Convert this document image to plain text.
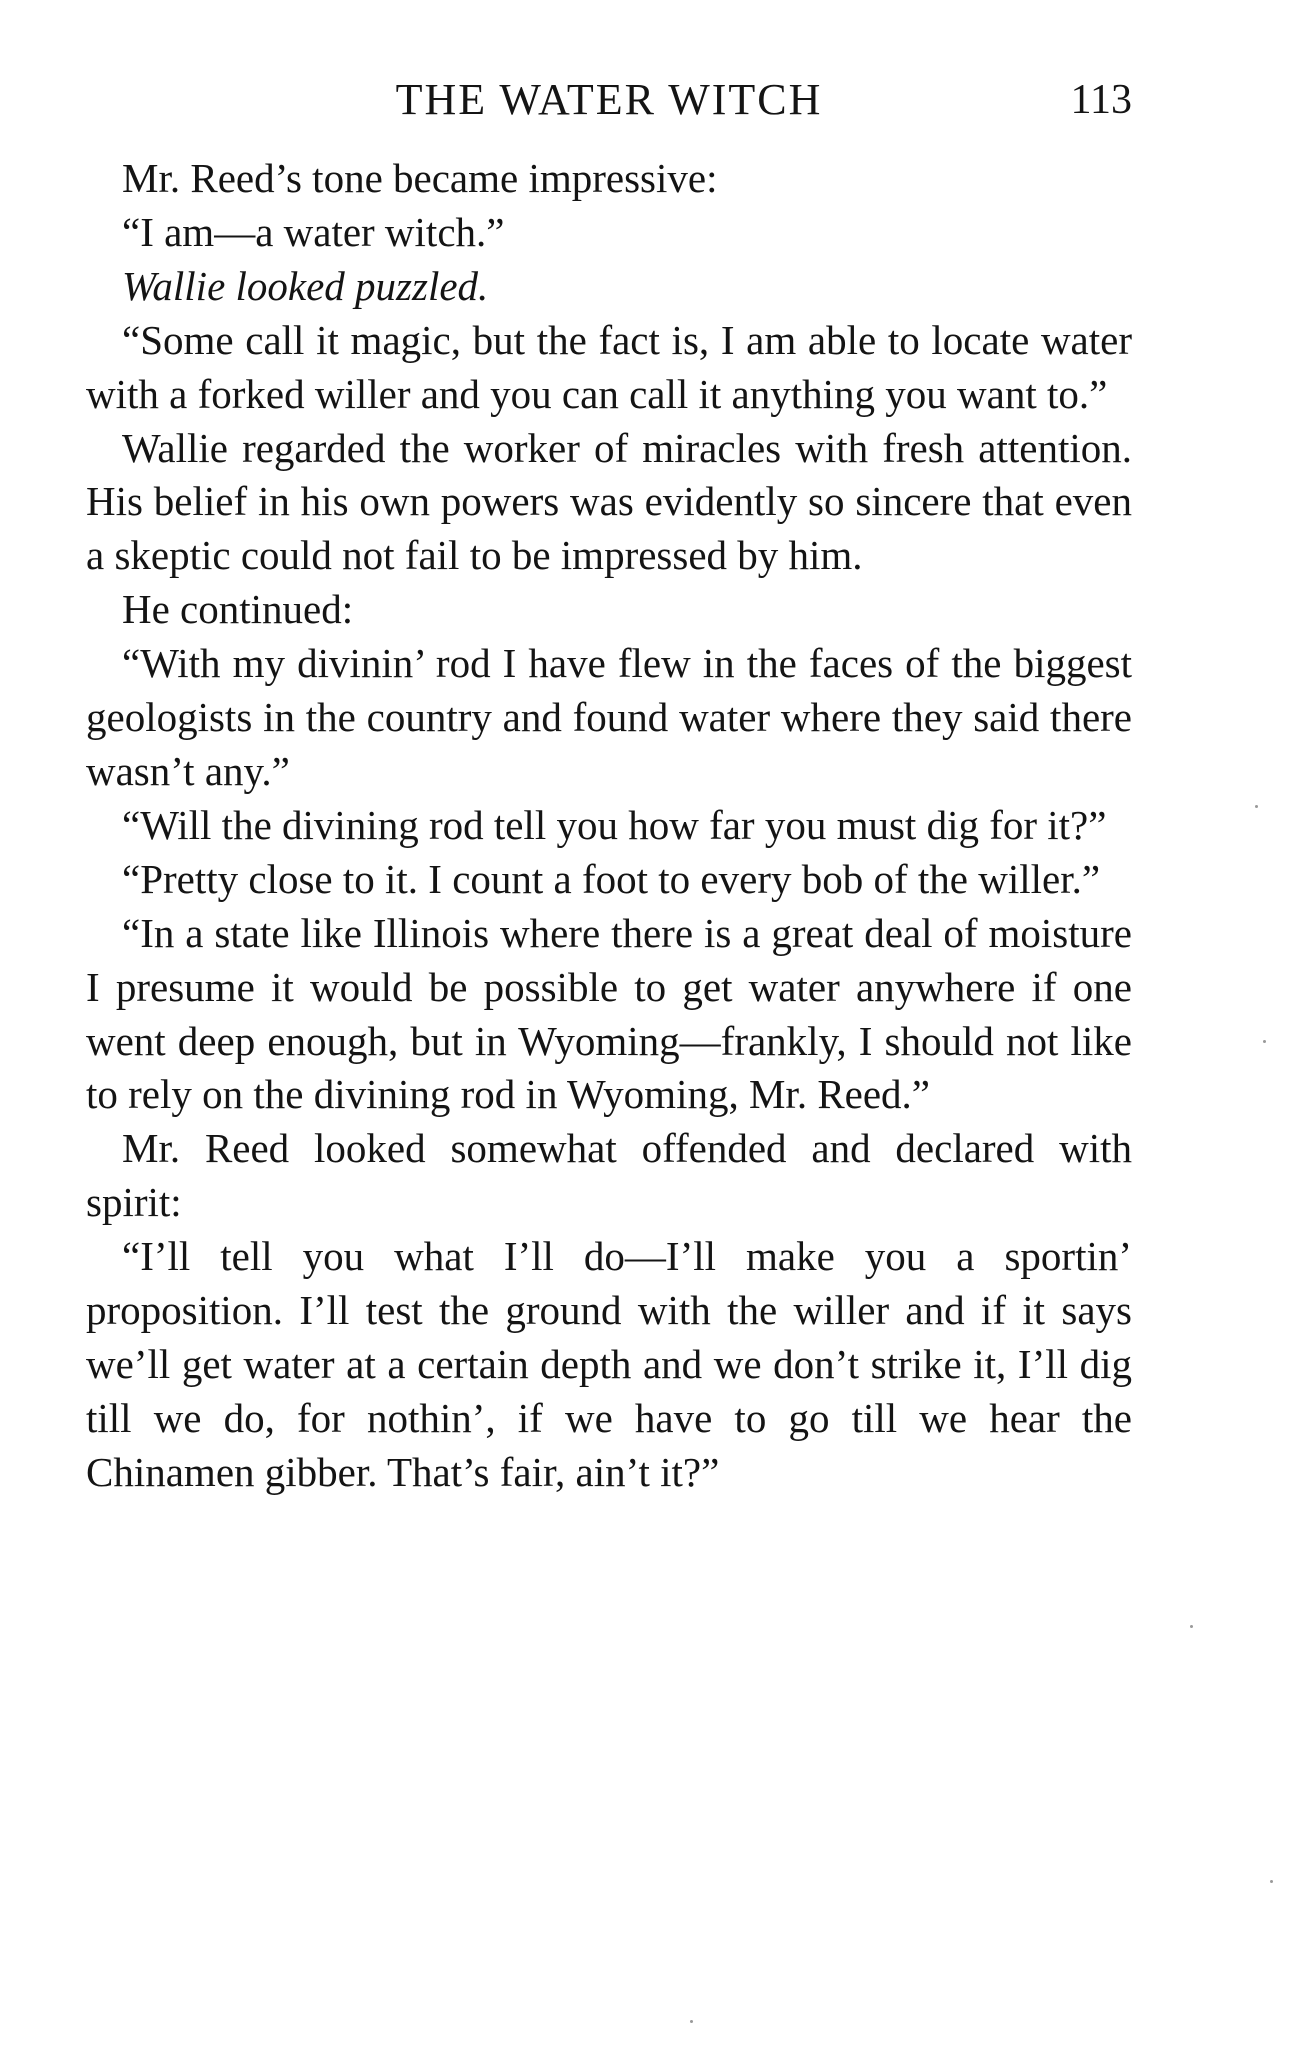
THE WATER WITCH	113

Mr. Reed’s tone became impressive:

“I am—a water witch.”

Wallie looked puzzled.

“Some call it magic, but the fact is, I am able to locate water with a forked willer and you can call it anything you want to.”

Wallie regarded the worker of miracles with fresh attention. His belief in his own powers was evidently so sincere that even a skeptic could not fail to be impressed by him.

He continued:

“With my divinin’ rod I have flew in the faces of the biggest geologists in the country and found water where they said there wasn’t any.”

“Will the divining rod tell you how far you must dig for it?”

“Pretty close to it. I count a foot to every bob of the willer.”

“In a state like Illinois where there is a great deal of moisture I presume it would be possible to get water anywhere if one went deep enough, but in Wyoming—frankly, I should not like to rely on the divining rod in Wyoming, Mr. Reed.”

Mr. Reed looked somewhat offended and declared with spirit:

“I’ll tell you what I’ll do—I’ll make you a sportin’ proposition. I’ll test the ground with the willer and if it says we’ll get water at a certain depth and we don’t strike it, I’ll dig till we do, for nothin’, if we have to go till we hear the Chinamen gibber. That’s fair, ain’t it?”
